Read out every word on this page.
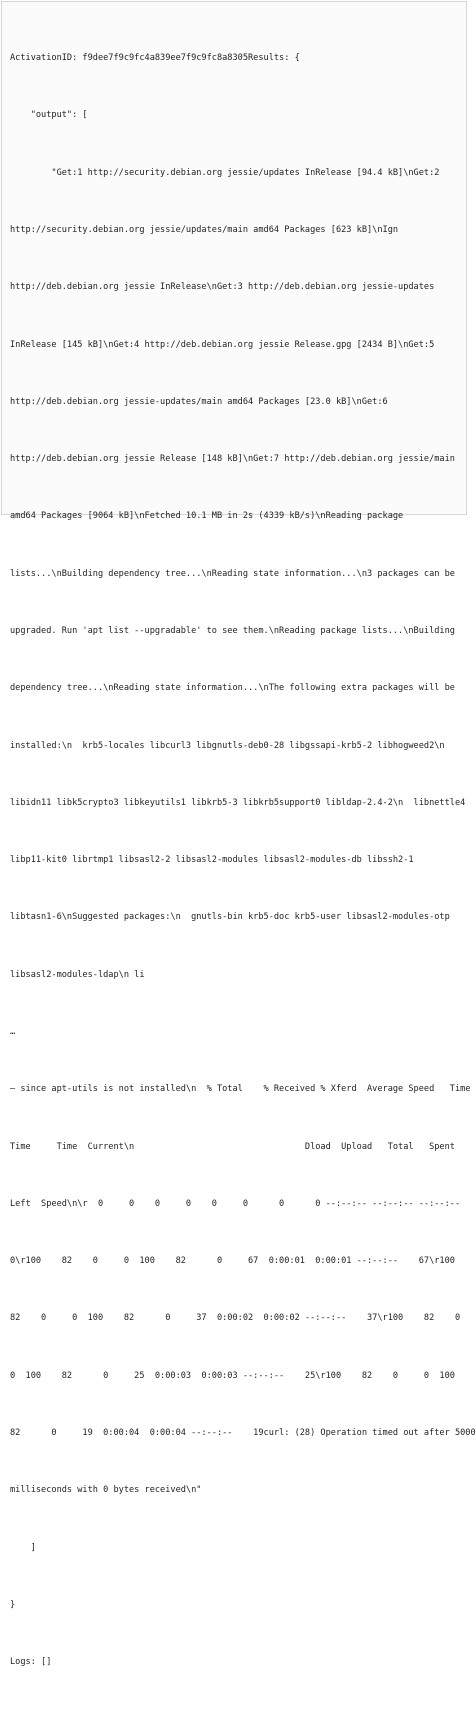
ActivationID: f9dee7f9c9fc4a839ee7f9c9fc8a8305Results: {

"output": [

"Get:1 http://security.debian.org jessie/updates InRelease [94.4 kB]\nGet:2

http://security.debian.org jessie/updates/main amd64 Packages [623 kB]\nIgn

http://deb.debian.org jessie InRelease\nGet:3 http://deb.debian.org jessie-updates

InRelease [145 kB]\nGet:4 http://deb.debian.org jessie Release.gpg [2434 B]\nGet:5

http://deb.debian.org jessie-updates/main amd64 Packages [23.0 kB]\nGet:6

http://deb.debian.org jessie Release [148 kB]\nGet:7 http://deb.debian.org jessie/main

amd64 Packages [9064 kB]\nFetched 10.1 MB in 2s (4339 kB/s)\nReading package

lists...\nBuilding dependency tree...\nReading state information...\n3 packages can be

upgraded. Run 'apt list --upgradable' to see them.\nReading package lists...\nBuilding

dependency tree...\nReading state information...\nThe following extra packages will be

installed:\n  krb5-locales libcurl3 libgnutls-deb0-28 libgssapi-krb5-2 libhogweed2\n

libidn11 libk5crypto3 libkeyutils1 libkrb5-3 libkrb5support0 libldap-2.4-2\n  libnettle4

libp11-kit0 librtmp1 libsasl2-2 libsasl2-modules libsasl2-modules-db libssh2-1

libtasn1-6\nSuggested packages:\n  gnutls-bin krb5-doc krb5-user libsasl2-modules-otp

libsasl2-modules-ldap\n li

…

— since apt-utils is not installed\n  % Total    % Received % Xferd  Average Speed   Time

Time     Time  Current\n                                 Dload  Upload   Total   Spent

Left  Speed\n\r  0     0    0     0    0     0      0      0 --:--:-- --:--:-- --:--:--

0\r100    82    0     0  100    82      0     67  0:00:01  0:00:01 --:--:--    67\r100

82    0     0  100    82      0     37  0:00:02  0:00:02 --:--:--    37\r100    82    0

0  100    82      0     25  0:00:03  0:00:03 --:--:--    25\r100    82    0     0  100

82      0     19  0:00:04  0:00:04 --:--:--    19curl: (28) Operation timed out after 5000

milliseconds with 0 bytes received\n"

]

}

Logs: []
